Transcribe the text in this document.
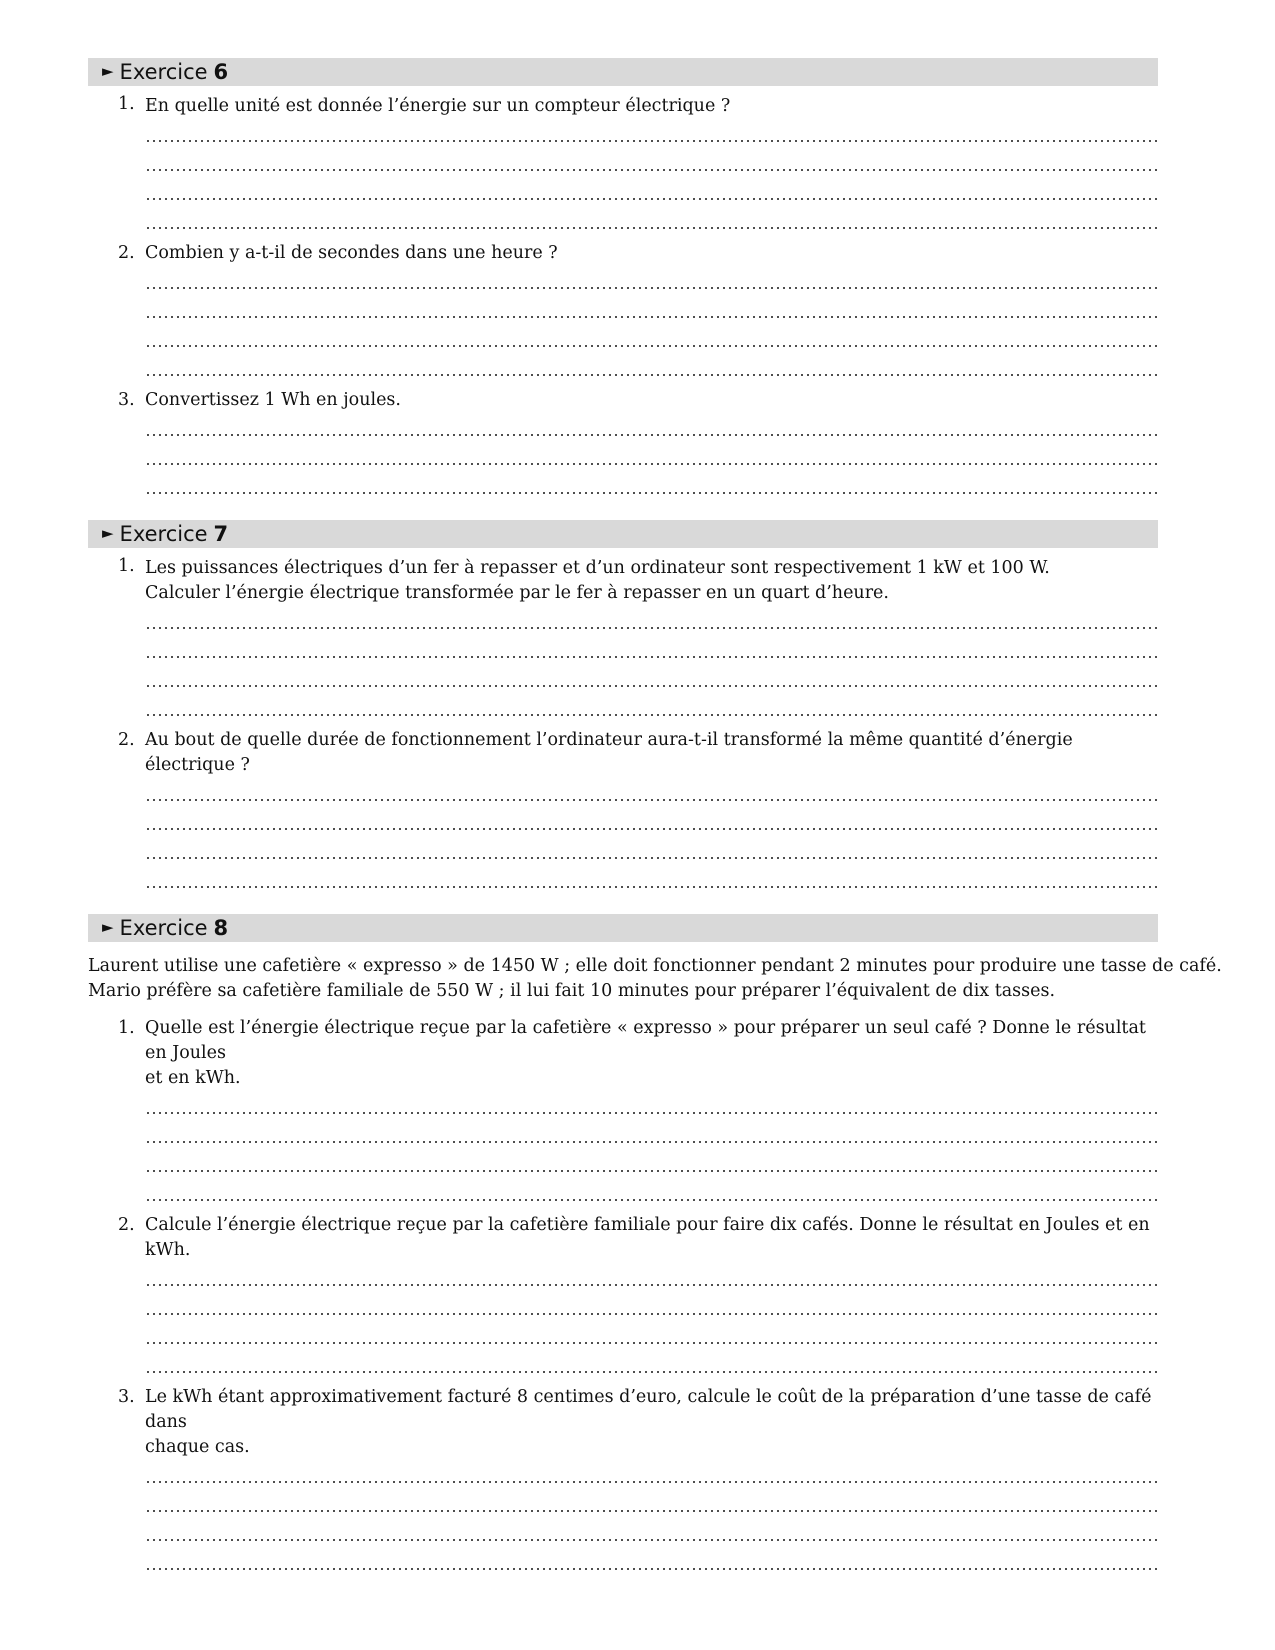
► Exercice 6
1. En quelle unité est donnée l’énergie sur un compteur électrique ?
2. Combien y a-t-il de secondes dans une heure ?
3. Convertissez 1 Wh en joules.
► Exercice 7
1. Les puissances électriques d’un fer à repasser et d’un ordinateur sont respectivement 1 kW et 100 W.
Calculer l’énergie électrique transformée par le fer à repasser en un quart d’heure.
2. Au bout de quelle durée de fonctionnement l’ordinateur aura-t-il transformé la même quantité d’énergie électrique ?
► Exercice 8
Laurent utilise une cafetière « expresso » de 1450 W ; elle doit fonctionner pendant 2 minutes pour produire une tasse de café.
Mario préfère sa cafetière familiale de 550 W ; il lui fait 10 minutes pour préparer l’équivalent de dix tasses.
1. Quelle est l’énergie électrique reçue par la cafetière « expresso » pour préparer un seul café ? Donne le résultat en Joules
et en kWh.
2. Calcule l’énergie électrique reçue par la cafetière familiale pour faire dix cafés. Donne le résultat en Joules et en kWh.
3. Le kWh étant approximativement facturé 8 centimes d’euro, calcule le coût de la préparation d’une tasse de café dans
chaque cas.
